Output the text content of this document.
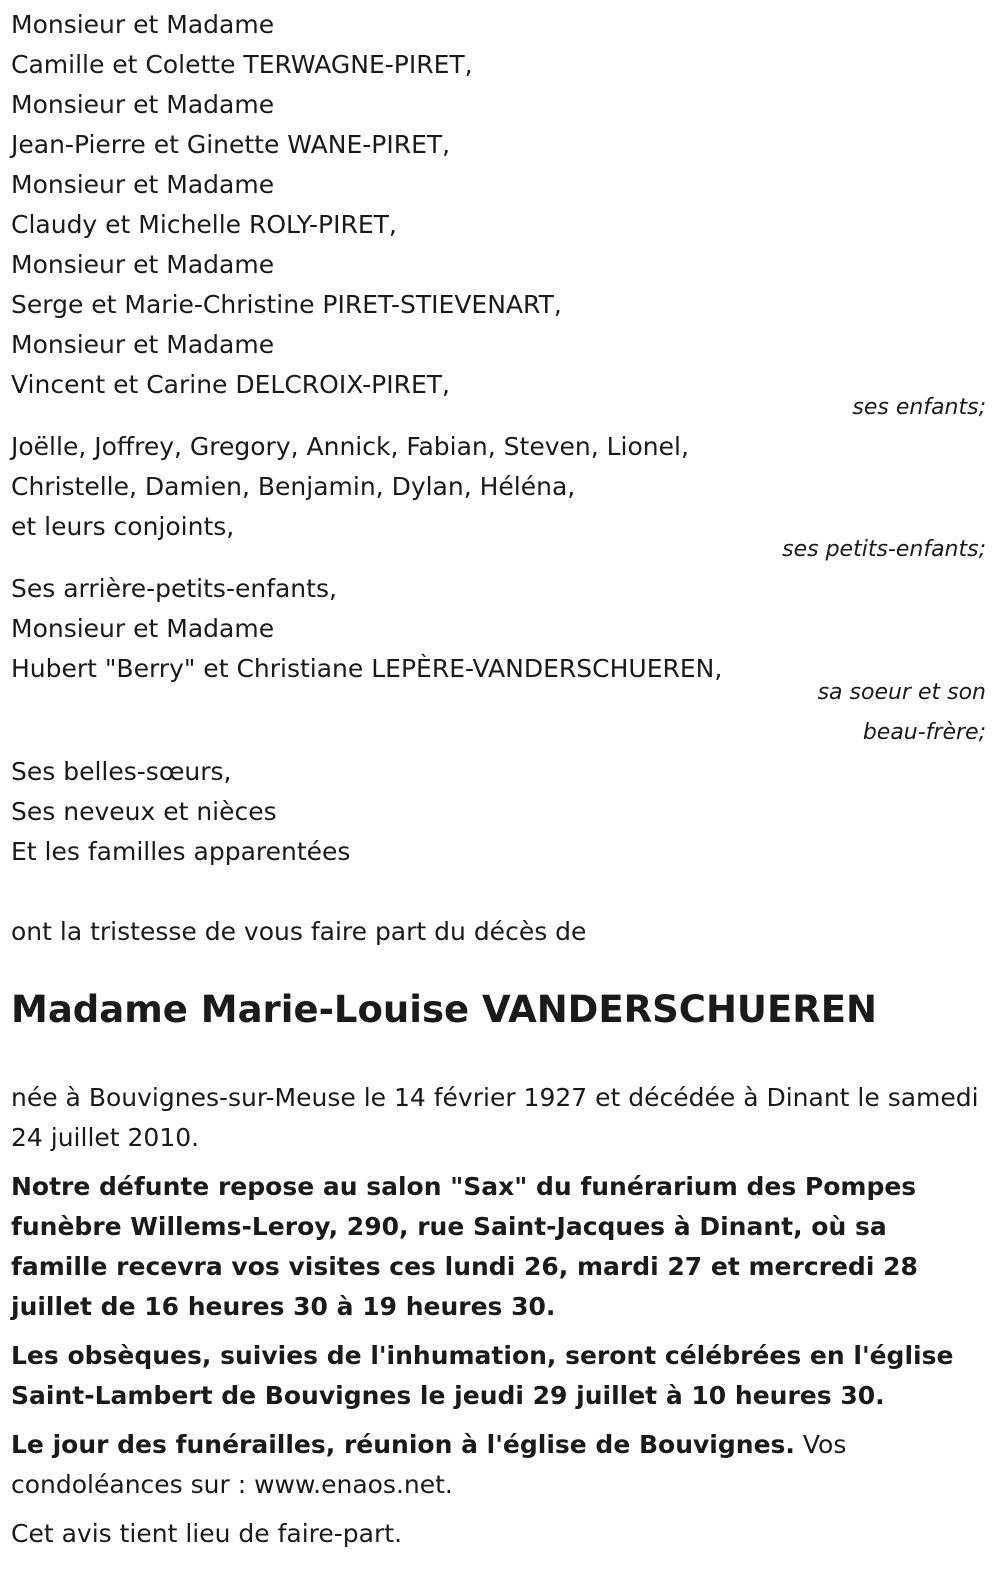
Monsieur et Madame
Camille et Colette TERWAGNE-PIRET,
Monsieur et Madame
Jean-Pierre et Ginette WANE-PIRET,
Monsieur et Madame
Claudy et Michelle ROLY-PIRET,
Monsieur et Madame
Serge et Marie-Christine PIRET-STIEVENART,
Monsieur et Madame
Vincent et Carine DELCROIX-PIRET,
ses enfants;
Joëlle, Joffrey, Gregory, Annick, Fabian, Steven, Lionel,
Christelle, Damien, Benjamin, Dylan, Héléna,
et leurs conjoints,
ses petits-enfants;
Ses arrière-petits-enfants,
Monsieur et Madame
Hubert "Berry" et Christiane LEPÈRE-VANDERSCHUEREN,
sa soeur et son
beau-frère;
Ses belles-sœurs,
Ses neveux et nièces
Et les familles apparentées
ont la tristesse de vous faire part du décès de
Madame Marie-Louise VANDERSCHUEREN
née à Bouvignes-sur-Meuse le 14 février 1927 et décédée à Dinant le samedi 24 juillet 2010.
Notre défunte repose au salon "Sax" du funérarium des Pompes funèbre Willems-Leroy, 290, rue Saint-Jacques à Dinant, où sa famille recevra vos visites ces lundi 26, mardi 27 et mercredi 28 juillet de 16 heures 30 à 19 heures 30.
Les obsèques, suivies de l'inhumation, seront célébrées en l'église Saint-Lambert de Bouvignes le jeudi 29 juillet à 10 heures 30.
Le jour des funérailles, réunion à l'église de Bouvignes. Vos condoléances sur : www.enaos.net.
Cet avis tient lieu de faire-part.
